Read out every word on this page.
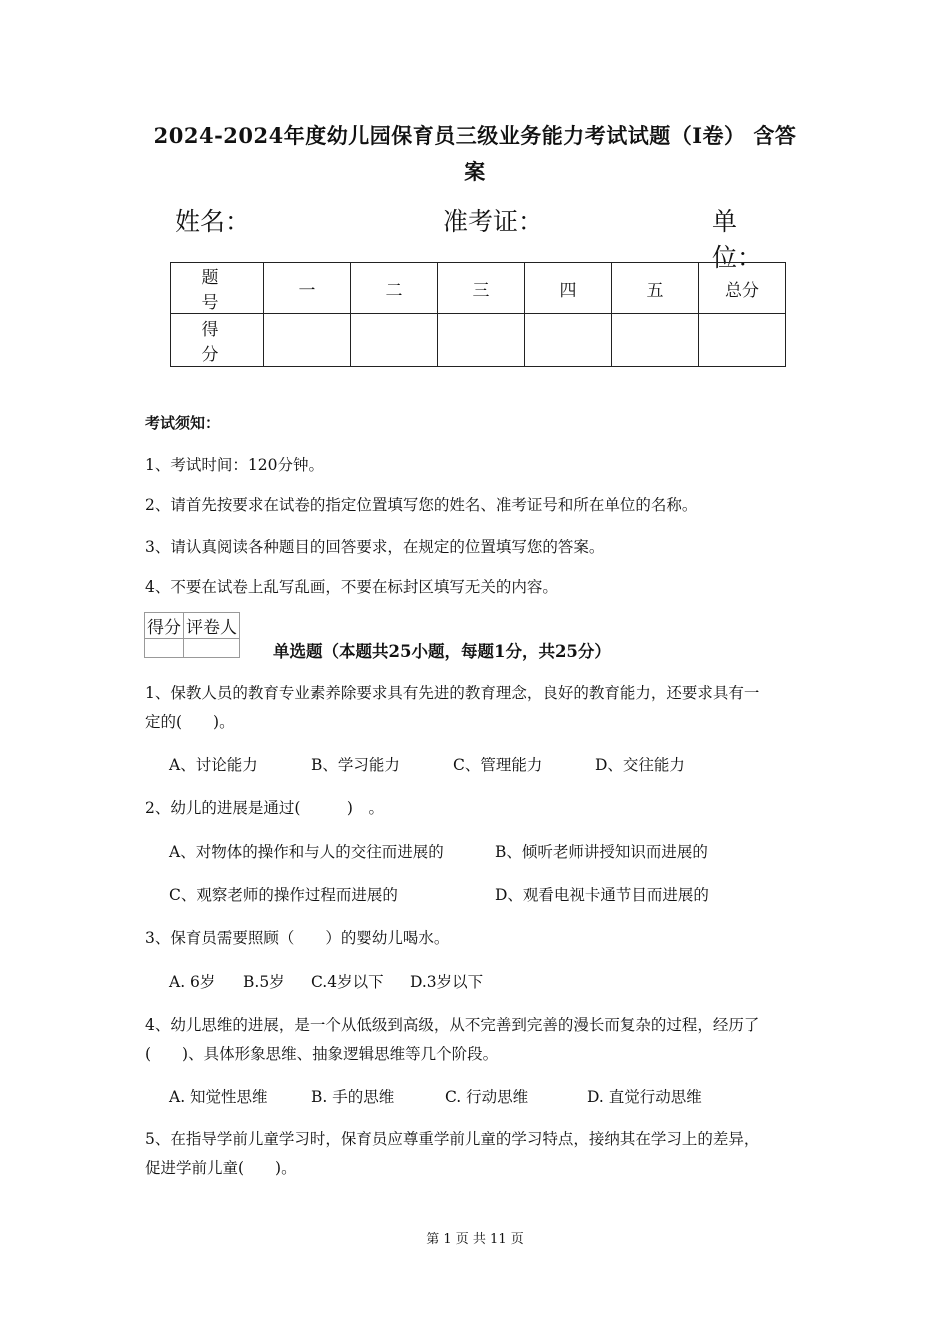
2024-2024年度幼儿园保育员三级业务能力考试试题（I卷） 含答
案
姓名：	准考证：	单位：
题 号	一	二	三	四	五	总分
得 分						
考试须知：
1、考试时间：120分钟。
2、请首先按要求在试卷的指定位置填写您的姓名、准考证号和所在单位的名称。
3、请认真阅读各种题目的回答要求，在规定的位置填写您的答案。
4、不要在试卷上乱写乱画，不要在标封区填写无关的内容。
得分	评卷人

单选题（本题共25小题，每题1分，共25分）
1、保教人员的教育专业素养除要求具有先进的教育理念，良好的教育能力，还要求具有一
定的(　　)。
A、讨论能力	B、学习能力	C、管理能力	D、交往能力
2、幼儿的进展是通过(　　　)　。
A、对物体的操作和与人的交往而进展的	B、倾听老师讲授知识而进展的
C、观察老师的操作过程而进展的	D、观看电视卡通节目而进展的
3、保育员需要照顾（　　）的婴幼儿喝水。
A. 6岁 B.5岁 C.4岁以下 D.3岁以下
4、幼儿思维的进展，是一个从低级到高级，从不完善到完善的漫长而复杂的过程，经历了
(　　)、具体形象思维、抽象逻辑思维等几个阶段。
A. 知觉性思维	B. 手的思维	C. 行动思维	D. 直觉行动思维
5、在指导学前儿童学习时，保育员应尊重学前儿童的学习特点，接纳其在学习上的差异，
促进学前儿童(　　)。
第 1 页 共 11 页
